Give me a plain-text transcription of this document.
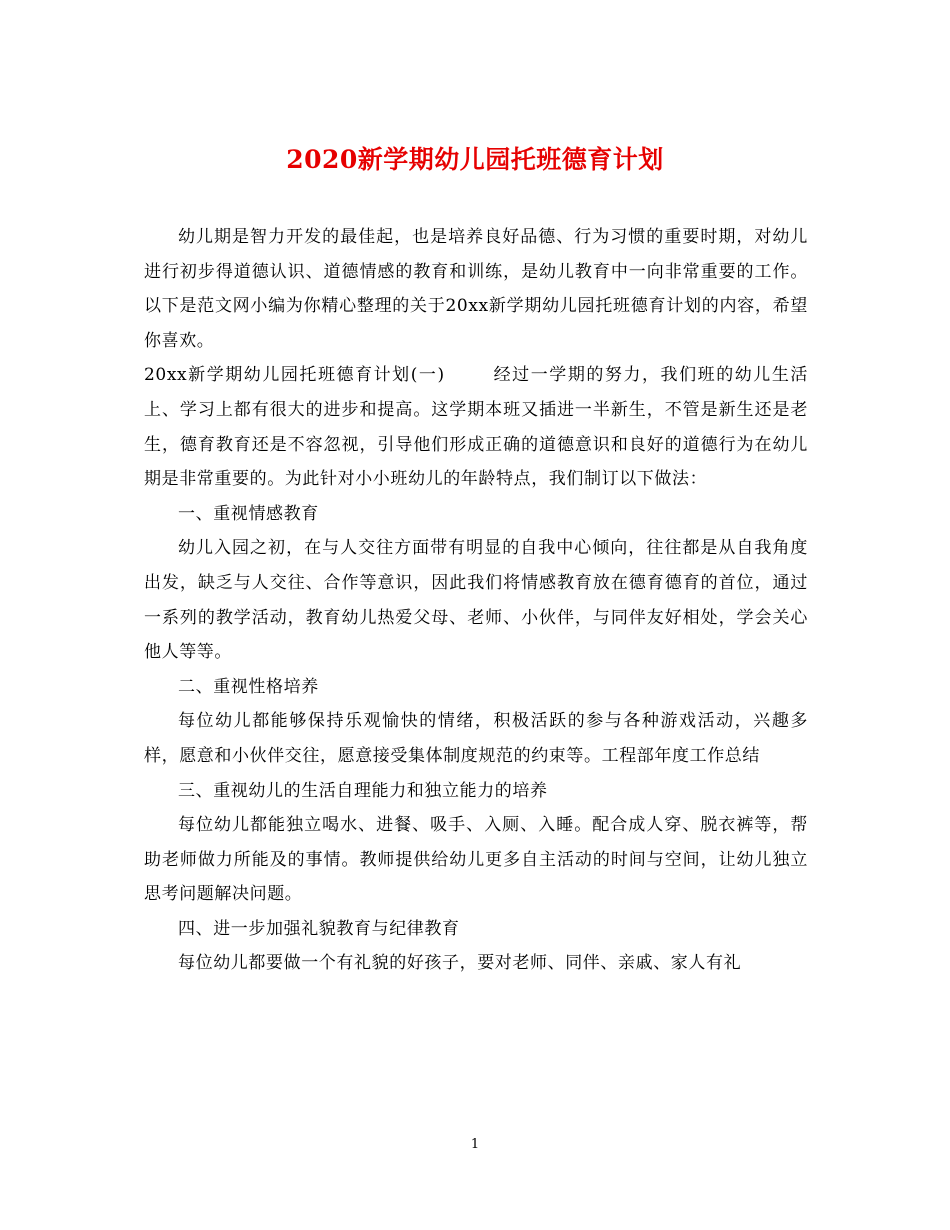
2020新学期幼儿园托班德育计划

幼儿期是智力开发的最佳起，也是培养良好品德、行为习惯的重要时期，对幼儿进行初步得道德认识、道德情感的教育和训练，是幼儿教育中一向非常重要的工作。以下是范文网小编为你精心整理的关于20xx新学期幼儿园托班德育计划的内容，希望你喜欢。

20xx新学期幼儿园托班德育计划(一)	经过一学期的努力，我们班的幼儿生活上、学习上都有很大的进步和提高。这学期本班又插进一半新生，不管是新生还是老生，德育教育还是不容忽视，引导他们形成正确的道德意识和良好的道德行为在幼儿期是非常重要的。为此针对小小班幼儿的年龄特点，我们制订以下做法：

一、重视情感教育

幼儿入园之初，在与人交往方面带有明显的自我中心倾向，往往都是从自我角度出发，缺乏与人交往、合作等意识，因此我们将情感教育放在德育德育的首位，通过一系列的教学活动，教育幼儿热爱父母、老师、小伙伴，与同伴友好相处，学会关心他人等等。

二、重视性格培养

每位幼儿都能够保持乐观愉快的情绪，积极活跃的参与各种游戏活动，兴趣多样，愿意和小伙伴交往，愿意接受集体制度规范的约束等。工程部年度工作总结

三、重视幼儿的生活自理能力和独立能力的培养

每位幼儿都能独立喝水、进餐、吸手、入厕、入睡。配合成人穿、脱衣裤等，帮助老师做力所能及的事情。教师提供给幼儿更多自主活动的时间与空间，让幼儿独立思考问题解决问题。

四、进一步加强礼貌教育与纪律教育

每位幼儿都要做一个有礼貌的好孩子，要对老师、同伴、亲戚、家人有礼

1
